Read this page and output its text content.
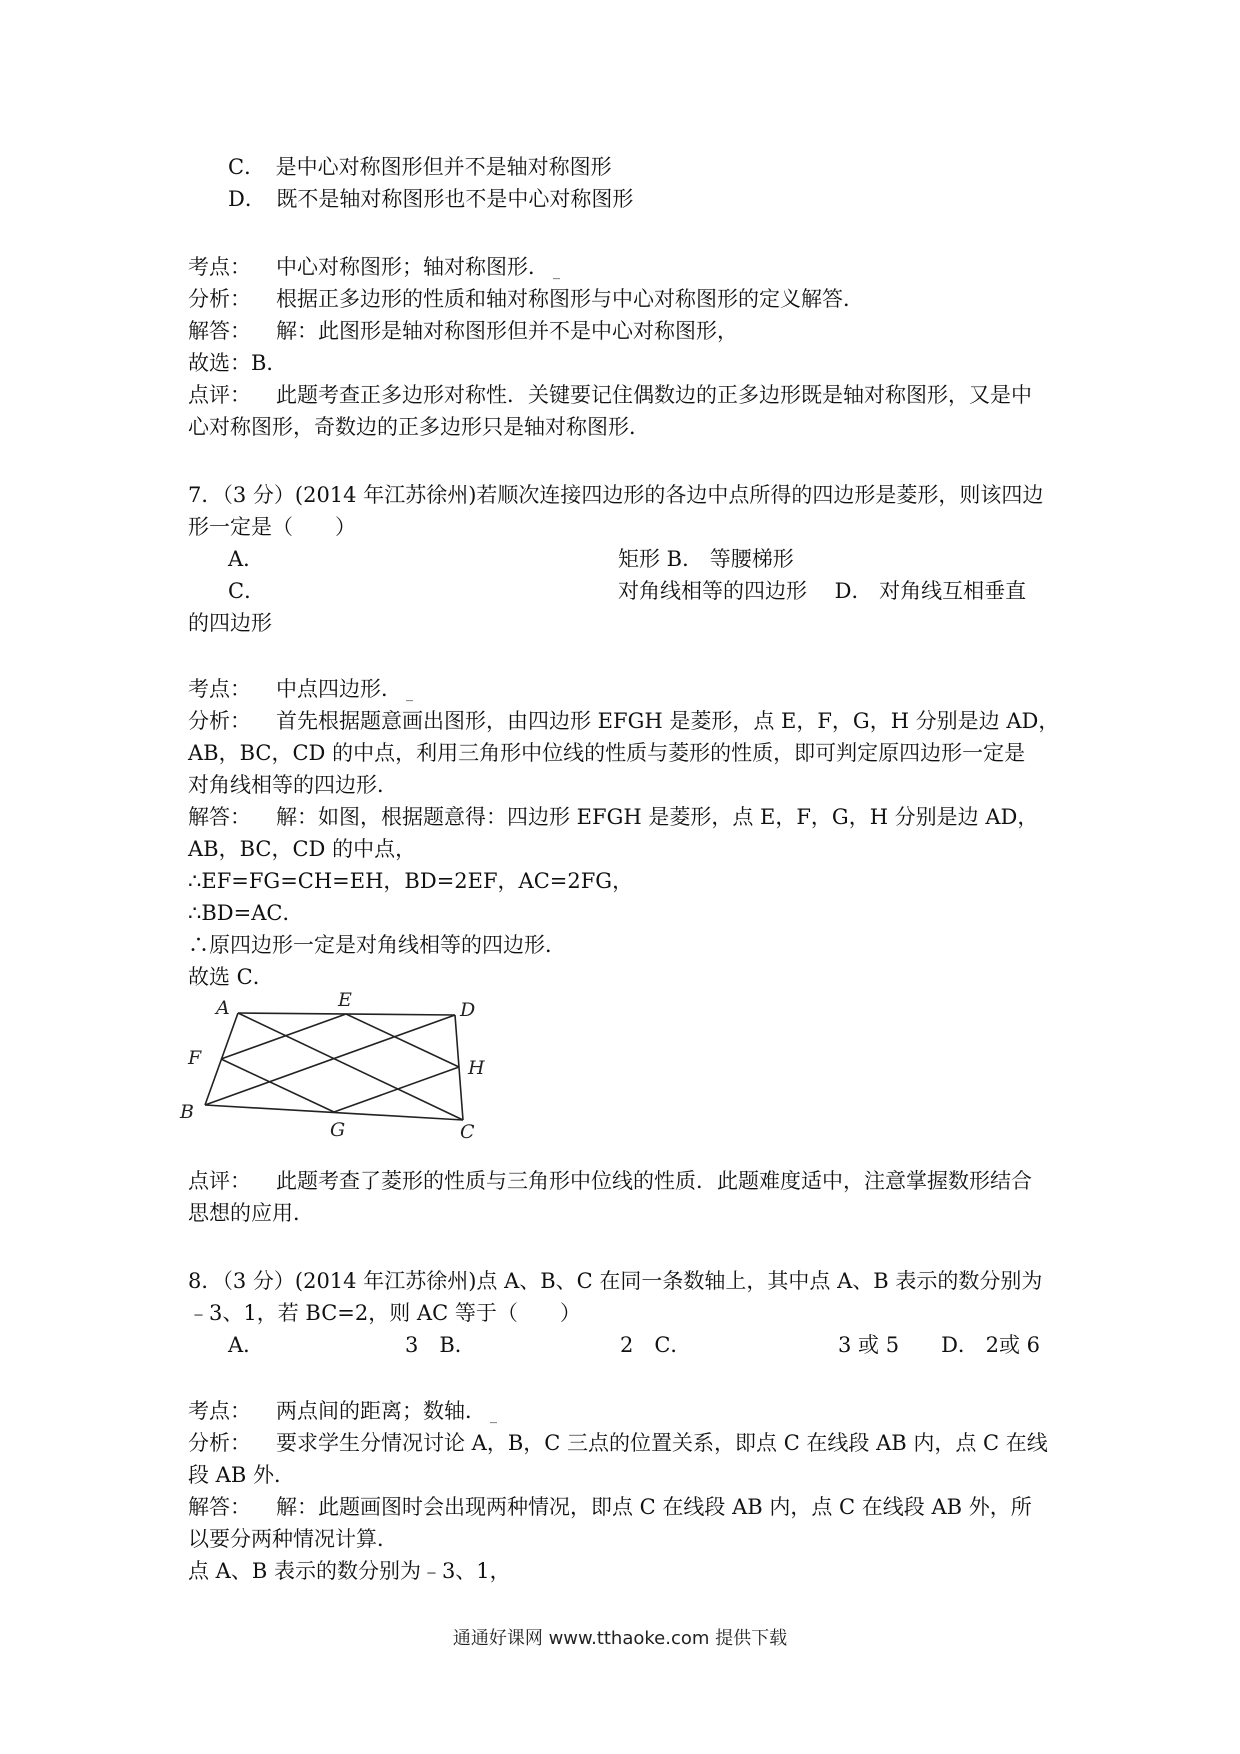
C．　是中心对称图形但并不是轴对称图形
D．　既不是轴对称图形也不是中心对称图形
考点： 中心对称图形；轴对称图形． _
分析： 根据正多边形的性质和轴对称图形与中心对称图形的定义解答．
解答： 解：此图形是轴对称图形但并不是中心对称图形，
故选：B．
点评： 此题考查正多边形对称性．关键要记住偶数边的正多边形既是轴对称图形，又是中
心对称图形，奇数边的正多边形只是轴对称图形．
7．（3 分）(2014 年江苏徐州)若顺次连接四边形的各边中点所得的四边形是菱形，则该四边
形一定是（　　）
A．	矩形 B． 等腰梯形
C．	对角线相等的四边形　 D． 对角线互相垂直
的四边形
考点： 中点四边形． _
分析： 首先根据题意画出图形，由四边形 EFGH 是菱形，点 E，F，G，H 分别是边 AD，
AB，BC，CD 的中点，利用三角形中位线的性质与菱形的性质，即可判定原四边形一定是
对角线相等的四边形．
解答： 解：如图，根据题意得：四边形 EFGH 是菱形，点 E，F，G，H 分别是边 AD，
AB，BC，CD 的中点，
∴EF=FG=CH=EH，BD=2EF，AC=2FG，
∴BD=AC．
∴原四边形一定是对角线相等的四边形．
故选 C．
A	E	D
F	H
B
G	C
点评： 此题考查了菱形的性质与三角形中位线的性质．此题难度适中，注意掌握数形结合
思想的应用．
8．（3 分）(2014 年江苏徐州)点 A、B、C 在同一条数轴上，其中点 A、B 表示的数分别为
﹣3、1，若 BC=2，则 AC 等于（　　）
A．	3　B．	2　C．	3 或 5　　D． 2或 6
考点： 两点间的距离；数轴． _
分析： 要求学生分情况讨论 A，B，C 三点的位置关系，即点 C 在线段 AB 内，点 C 在线
段 AB 外．
解答： 解：此题画图时会出现两种情况，即点 C 在线段 AB 内，点 C 在线段 AB 外，所
以要分两种情况计算．
点 A、B 表示的数分别为﹣3、1，
通通好课网 www.tthaoke.com 提供下载
